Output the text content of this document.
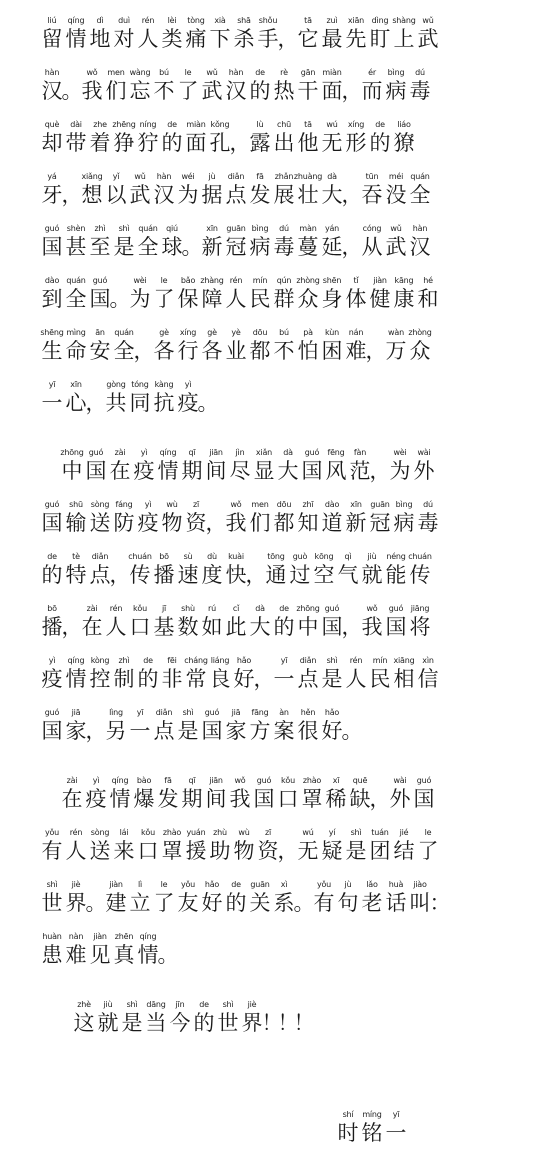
liú
留
qíng
情
dì
地
duì
对
rén
人
lèi
类
tòng
痛
xià
下
shā
杀
shǒu
手 ，
tā
它
zuì
最
xiān
先
dìng
盯
shàng
上
wǔ
武
hàn
汉 。
wǒ
我
men
们
wàng
忘
bú
不
le
了
wǔ
武
hàn
汉
de
的
rè
热
gān
干
miàn
面 ，
ér
而
bìng
病
dú
毒
què
却
dài
带
zhe
着
zhēng
狰
níng
狞
de
的
miàn
面
kǒng
孔 ，
lù
露
chū
出
tā
他
wú
无
xíng
形
de
的
liáo
獠
yá
牙 ，
xiǎng
想
yǐ
以
wǔ
武
hàn
汉
wéi
为
jù
据
diǎn
点
fā
发
zhǎn
展
zhuàng
壮
dà
大 ，
tūn
吞
méi
没
quán
全
guó
国
shèn
甚
zhì
至
shì
是
quán
全
qiú
球 。
xīn
新
guān
冠
bìng
病
dú
毒
màn
蔓
yán
延 ，
cóng
从
wǔ
武
hàn
汉
dào
到
quán
全
guó
国 。
wèi
为
le
了
bǎo
保
zhàng
障
rén
人
mín
民
qún
群
zhòng
众
shēn
身
tǐ
体
jiàn
健
kāng
康
hé
和
shēng
生
mìng
命
ān
安
quán
全 ，
gè
各
xíng
行
gè
各
yè
业
dōu
都
bú
不
pà
怕
kùn
困
nán
难 ，
wàn
万
zhòng
众
yī
一
xīn
心 ，
gòng
共
tóng
同
kàng
抗
yì
疫 。
zhōng
中
guó
国
zài
在
yì
疫
qíng
情
qī
期
jiān
间
jìn
尽
xiǎn
显
dà
大
guó
国
fēng
风
fàn
范 ，
wèi
为
wài
外
guó
国
shū
输
sòng
送
fáng
防
yì
疫
wù
物
zī
资 ，
wǒ
我
men
们
dōu
都
zhī
知
dào
道
xīn
新
guān
冠
bìng
病
dú
毒
de
的
tè
特
diǎn
点 ，
chuán
传
bō
播
sù
速
dù
度
kuài
快 ，
tōng
通
guò
过
kōng
空
qì
气
jiù
就
néng
能
chuán
传
bō
播 ，
zài
在
rén
人
kǒu
口
jī
基
shù
数
rú
如
cǐ
此
dà
大
de
的
zhōng
中
guó
国 ，
wǒ
我
guó
国
jiāng
将
yì
疫
qíng
情
kòng
控
zhì
制
de
的
fēi
非
cháng
常
liáng
良
hǎo
好 ，
yī
一
diǎn
点
shì
是
rén
人
mín
民
xiāng
相
xìn
信
guó
国
jiā
家 ，
lìng
另
yī
一
diǎn
点
shì
是
guó
国
jiā
家
fāng
方
àn
案
hěn
很
hǎo
好 。
zài
在
yì
疫
qíng
情
bào
爆
fā
发
qī
期
jiān
间
wǒ
我
guó
国
kǒu
口
zhào
罩
xī
稀
quē
缺 ，
wài
外
guó
国
yǒu
有
rén
人
sòng
送
lái
来
kǒu
口
zhào
罩
yuán
援
zhù
助
wù
物
zī
资 ，
wú
无
yí
疑
shì
是
tuán
团
jié
结
le
了
shì
世
jiè
界 。
jiàn
建
lì
立
le
了
yǒu
友
hǎo
好
de
的
guān
关
xì
系 。
yǒu
有
jù
句
lǎo
老
huà
话
jiào
叫 ：
huàn
患
nàn
难
jiàn
见
zhēn
真
qíng
情 。
zhè
这
jiù
就
shì
是
dāng
当
jīn
今
de
的
shì
世
jiè
界 ！
！
！
shí
时
míng
铭
yī
一
